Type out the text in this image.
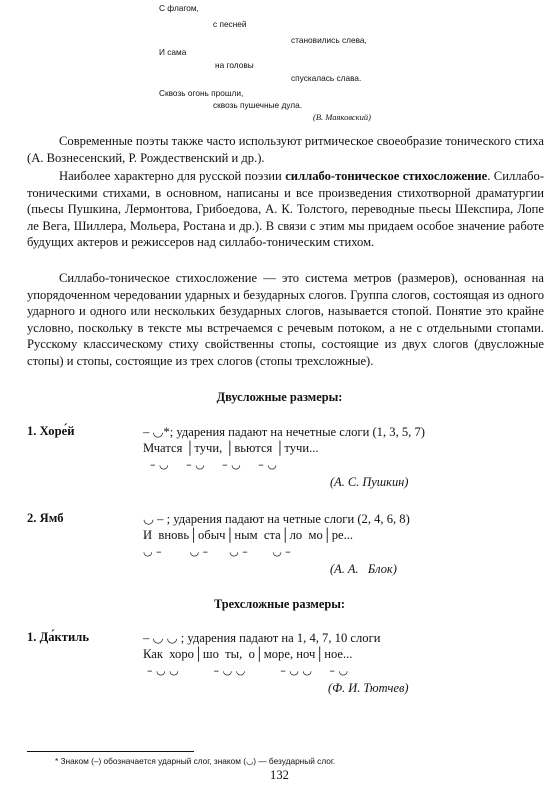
С флагом,
с песней
становились слева,
И сама
на головы
спускалась слава.
Сквозь огонь прошли,
сквозь пушечные дула.
(В. Маяковский)

Современные поэты также часто используют ритмическое своеобразие тонического стиха (А. Вознесенский, Р. Рождественский и др.).

Наиболее характерно для русской поэзии силлабо-тоническое стихосложение. Силлабо-тоническими стихами, в основном, написаны и все произведения стихотворной драматургии (пьесы Пушкина, Лермонтова, Грибоедова, А. К. Толстого, переводные пьесы Шекспира, Лопе ле Вега, Шиллера, Мольера, Ростана и др.). В связи с этим мы придаем особое значение работе будущих актеров и режиссеров над силлабо-тоническим стихом.

Силлабо-тоническое стихосложение — это система метров (размеров), основанная на упорядоченном чередовании ударных и безударных слогов. Группа слогов, состоящая из одного ударного и одного или нескольких безударных слогов, называется стопой. Понятие это крайне условно, поскольку в тексте мы встречаемся с речевым потоком, а не с отдельными стопами. Русскому классическому стиху свойственны стопы, состоящие из двух слогов (двусложные стопы) и стопы, состоящие из трех слогов (стопы трехсложные).

Двусложные размеры:
1. Хоре́й	– ◡*; ударения падают на нечетные слоги (1, 3, 5, 7)
Мчатся │тучи, │вьются │тучи...
– ◡     – ◡     – ◡     – ◡
(А. С. Пушкин)
2. Ямб	◡ – ; ударения падают на четные слоги (2, 4, 6, 8)
И  вновь│обыч│ным  ста│ло  мо│ре...
◡ –        ◡ –      ◡ –       ◡ –
(А. А.   Блок)
Трехсложные размеры:
1. Да́ктиль	– ◡ ◡ ; ударения падают на 1, 4, 7, 10 слоги
Как  хоро│шо  ты,  о│море, ноч│ное...
– ◡ ◡          – ◡ ◡          – ◡ ◡     – ◡
(Ф. И. Тютчев)
* Знаком (–) обозначается ударный слог, знаком (◡) — безударный слог.
132
